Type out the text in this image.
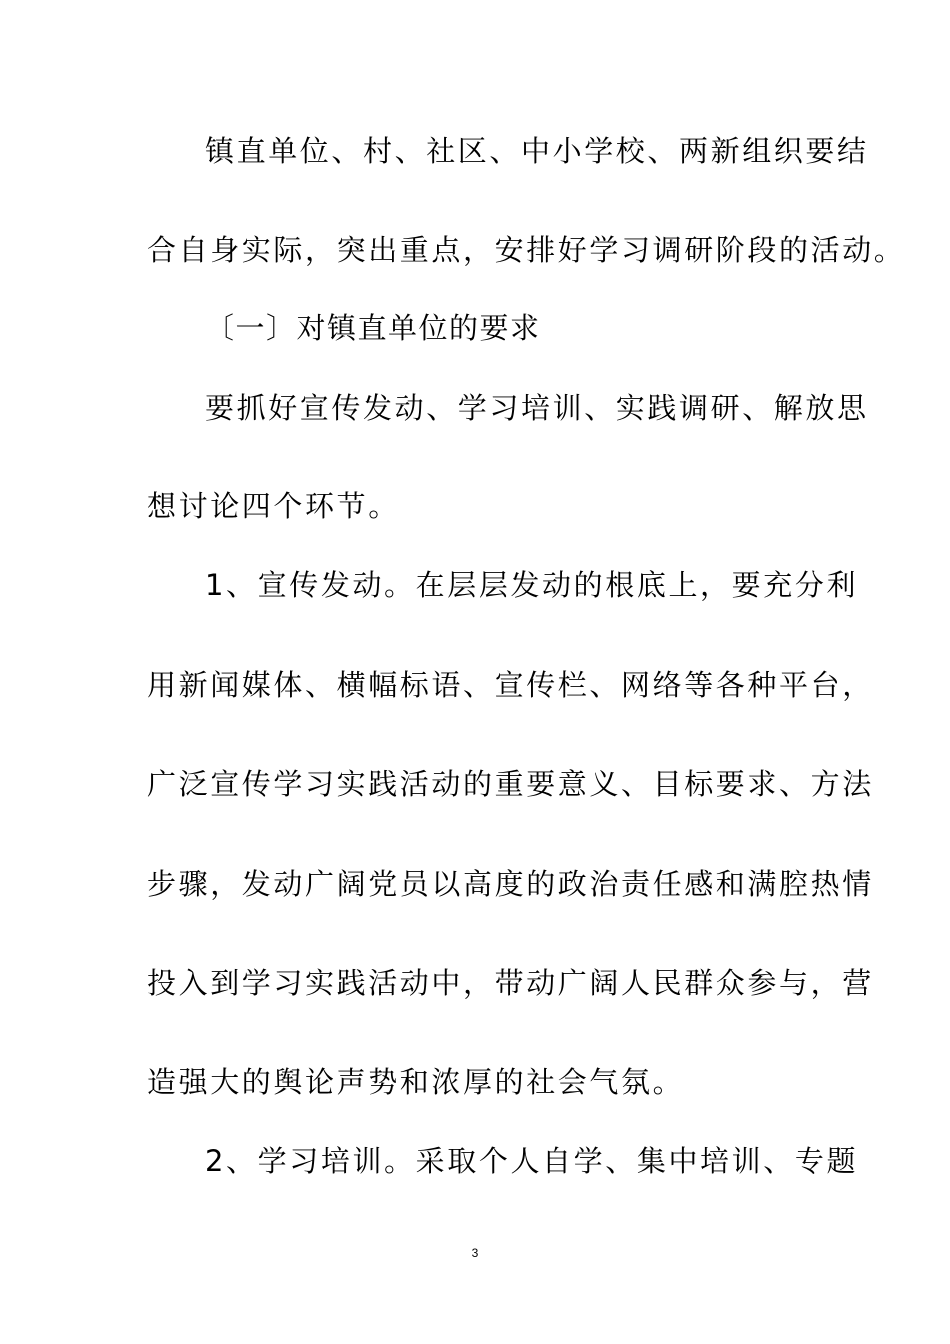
镇直单位、村、社区、中小学校、两新组织要结
合自身实际，突出重点，安排好学习调研阶段的活动。
〔一〕对镇直单位的要求
要抓好宣传发动、学习培训、实践调研、解放思
想讨论四个环节。
1、宣传发动。在层层发动的根底上，要充分利
用新闻媒体、横幅标语、宣传栏、网络等各种平台，
广泛宣传学习实践活动的重要意义、目标要求、方法
步骤，发动广阔党员以高度的政治责任感和满腔热情
投入到学习实践活动中，带动广阔人民群众参与，营
造强大的舆论声势和浓厚的社会气氛。
2、学习培训。采取个人自学、集中培训、专题
3
